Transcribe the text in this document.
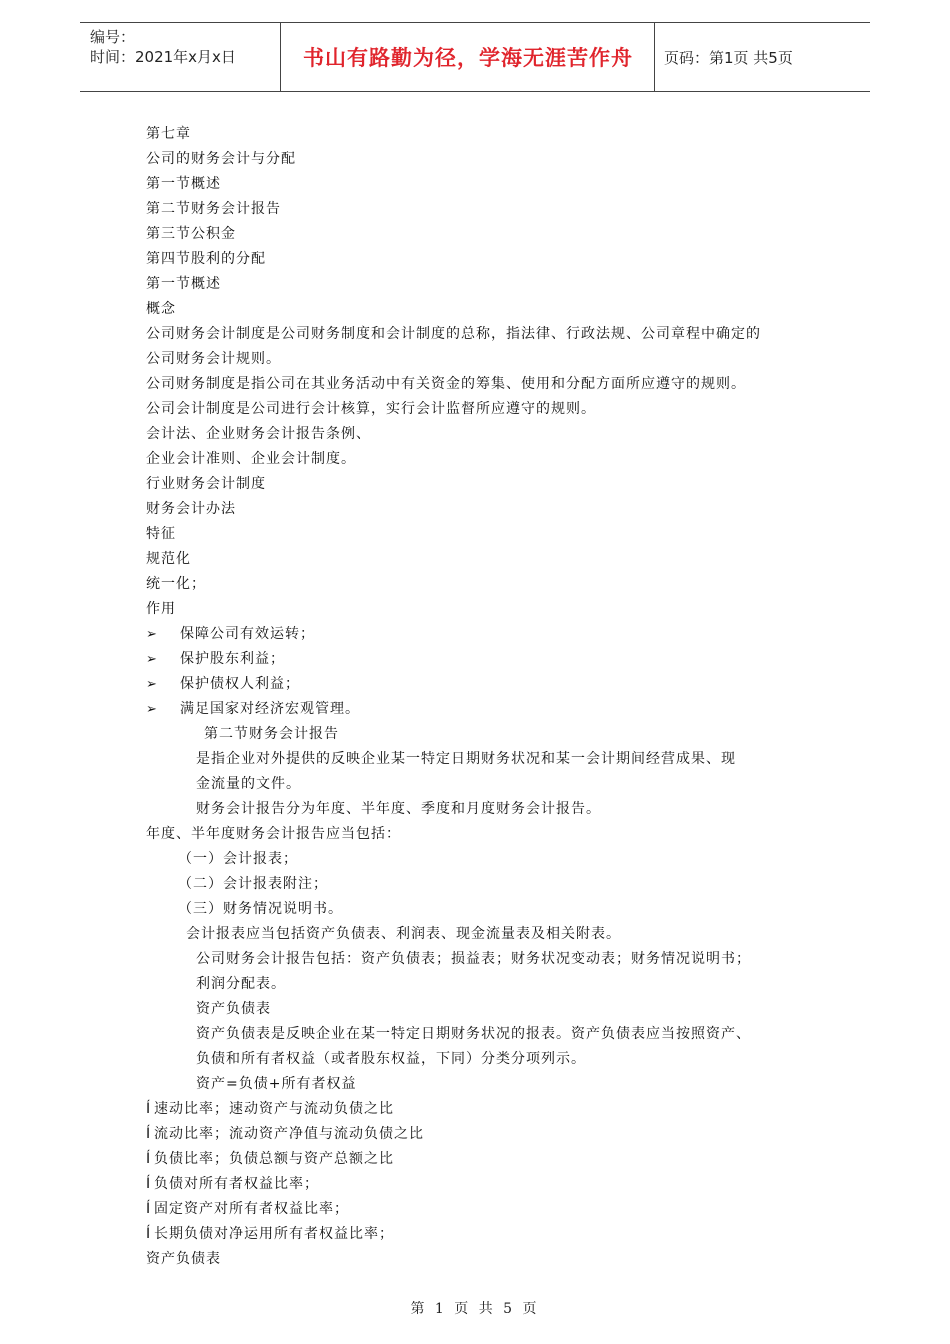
编号：
时间：2021年x月x日	书山有路勤为径，学海无涯苦作舟	页码：第1页 共5页
第七章
公司的财务会计与分配
第一节概述
第二节财务会计报告
第三节公积金
第四节股利的分配
第一节概述
概念
公司财务会计制度是公司财务制度和会计制度的总称，指法律、行政法规、公司章程中确定的
公司财务会计规则。
公司财务制度是指公司在其业务活动中有关资金的筹集、使用和分配方面所应遵守的规则。
公司会计制度是公司进行会计核算，实行会计监督所应遵守的规则。
会计法、企业财务会计报告条例、
企业会计准则、企业会计制度。
行业财务会计制度
财务会计办法
特征
规范化
统一化；
作用
➢ 保障公司有效运转；
➢ 保护股东利益；
➢ 保护债权人利益；
➢ 满足国家对经济宏观管理。
第二节财务会计报告
是指企业对外提供的反映企业某一特定日期财务状况和某一会计期间经营成果、现
金流量的文件。
财务会计报告分为年度、半年度、季度和月度财务会计报告。
年度、半年度财务会计报告应当包括：
（一）会计报表；
（二）会计报表附注；
（三）财务情况说明书。
会计报表应当包括资产负债表、利润表、现金流量表及相关附表。
公司财务会计报告包括：资产负债表；损益表；财务状况变动表；财务情况说明书；
利润分配表。
资产负债表
资产负债表是反映企业在某一特定日期财务状况的报表。资产负债表应当按照资产、
负债和所有者权益（或者股东权益，下同）分类分项列示。
资产=负债+所有者权益
Í 速动比率；速动资产与流动负债之比
Í 流动比率；流动资产净值与流动负债之比
Í 负债比率；负债总额与资产总额之比
Í 负债对所有者权益比率；
Í 固定资产对所有者权益比率；
Í 长期负债对净运用所有者权益比率；
资产负债表
第 1 页 共 5 页
